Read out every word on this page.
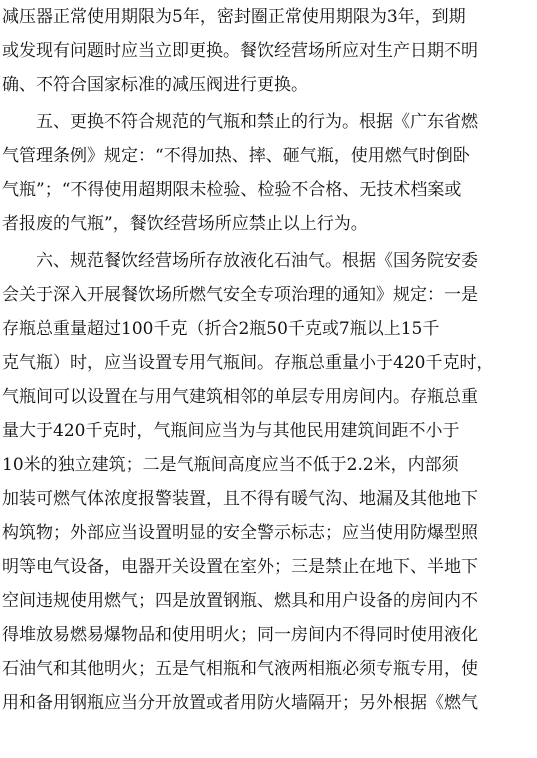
减压器正常使用期限为5年，密封圈正常使用期限为3年，到期
或发现有问题时应当立即更换。餐饮经营场所应对生产日期不明
确、不符合国家标准的减压阀进行更换。
五、更换不符合规范的气瓶和禁止的行为。根据《广东省燃
气管理条例》规定：“不得加热、摔、砸气瓶，使用燃气时倒卧
气瓶”；“不得使用超期限未检验、检验不合格、无技术档案或
者报废的气瓶”，餐饮经营场所应禁止以上行为。
六、规范餐饮经营场所存放液化石油气。根据《国务院安委
会关于深入开展餐饮场所燃气安全专项治理的通知》规定：一是
存瓶总重量超过100千克（折合2瓶50千克或7瓶以上15千
克气瓶）时，应当设置专用气瓶间。存瓶总重量小于420千克时，
气瓶间可以设置在与用气建筑相邻的单层专用房间内。存瓶总重
量大于420千克时，气瓶间应当为与其他民用建筑间距不小于
10米的独立建筑；二是气瓶间高度应当不低于2.2米，内部须
加装可燃气体浓度报警装置，且不得有暖气沟、地漏及其他地下
构筑物；外部应当设置明显的安全警示标志；应当使用防爆型照
明等电气设备，电器开关设置在室外；三是禁止在地下、半地下
空间违规使用燃气；四是放置钢瓶、燃具和用户设备的房间内不
得堆放易燃易爆物品和使用明火；同一房间内不得同时使用液化
石油气和其他明火；五是气相瓶和气液两相瓶必须专瓶专用，使
用和备用钢瓶应当分开放置或者用防火墙隔开；另外根据《燃气
